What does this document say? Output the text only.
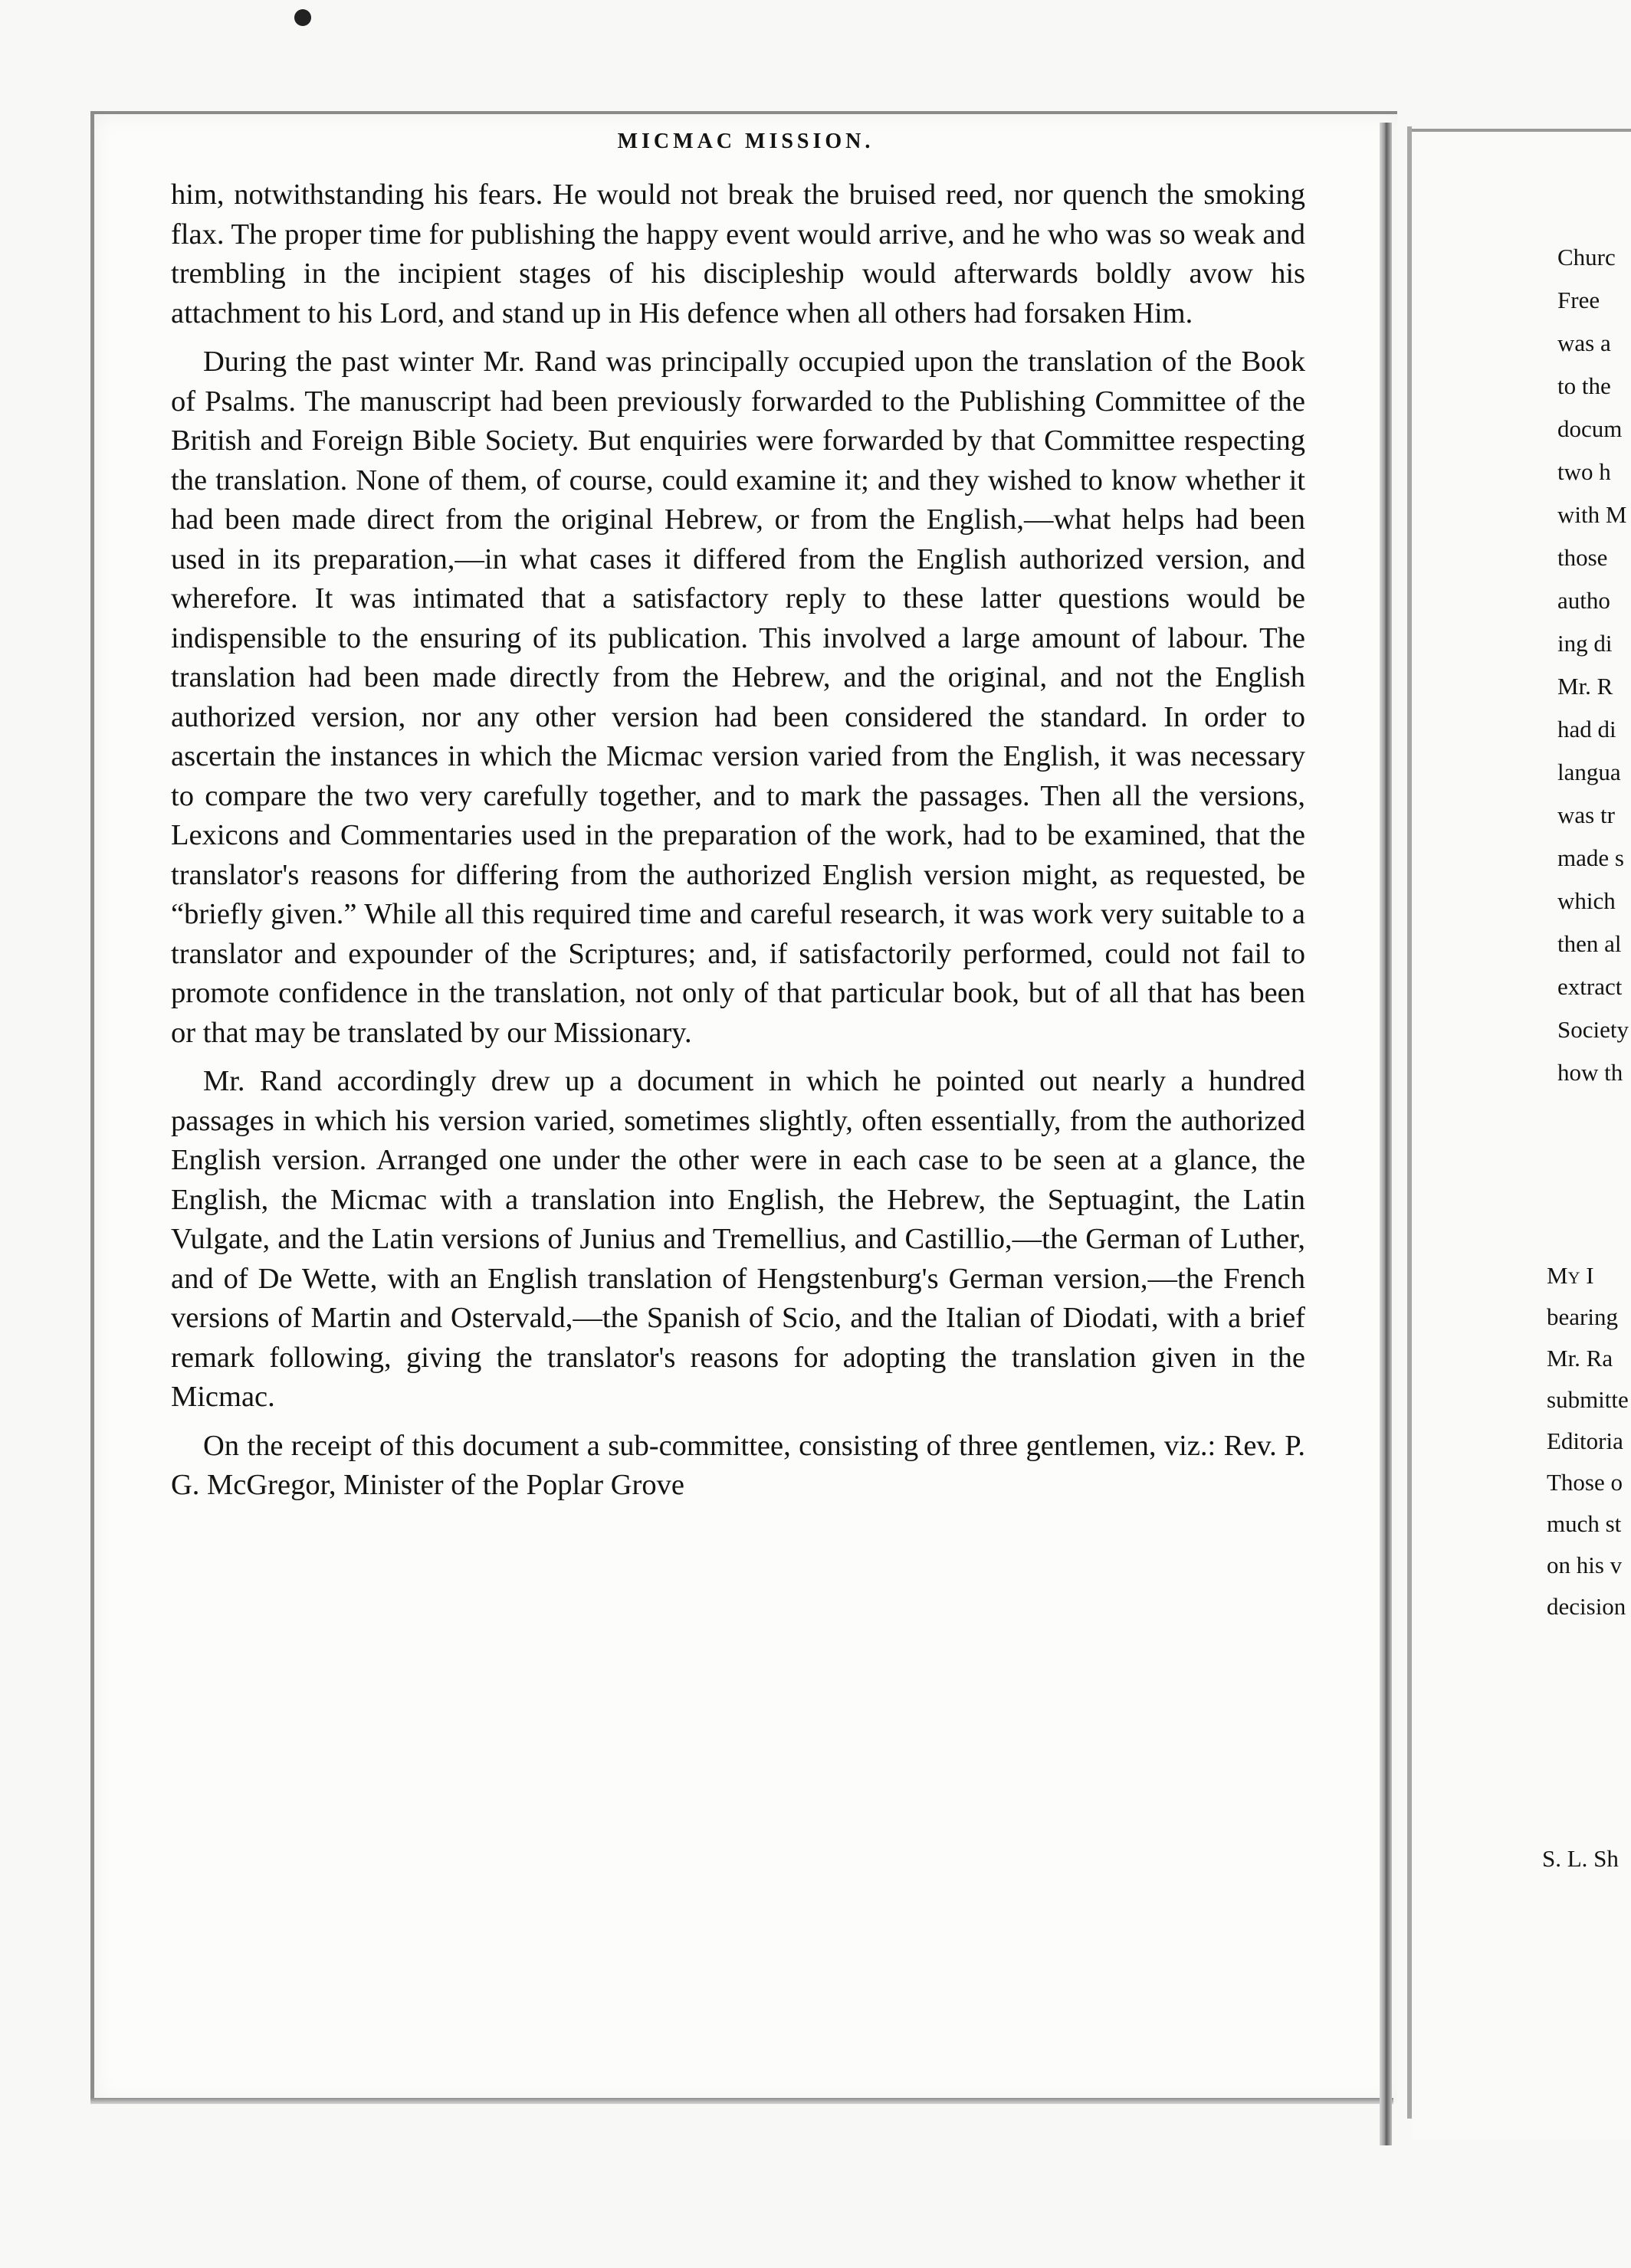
MICMAC MISSION.

him, notwithstanding his fears. He would not break the bruised reed, nor quench the smoking flax. The proper time for publishing the happy event would arrive, and he who was so weak and trembling in the incipient stages of his discipleship would afterwards boldly avow his attachment to his Lord, and stand up in His defence when all others had forsaken Him.

During the past winter Mr. Rand was principally occupied upon the translation of the Book of Psalms. The manuscript had been previously forwarded to the Publishing Committee of the British and Foreign Bible Society. But enquiries were forwarded by that Committee respecting the translation. None of them, of course, could examine it; and they wished to know whether it had been made direct from the original Hebrew, or from the English,—what helps had been used in its preparation,—in what cases it differed from the English authorized version, and wherefore. It was intimated that a satisfactory reply to these latter questions would be indispensible to the ensuring of its publication. This involved a large amount of labour. The translation had been made directly from the Hebrew, and the original, and not the English authorized version, nor any other version had been considered the standard. In order to ascertain the instances in which the Micmac version varied from the English, it was necessary to compare the two very carefully together, and to mark the passages. Then all the versions, Lexicons and Commentaries used in the preparation of the work, had to be examined, that the translator's reasons for differing from the authorized English version might, as requested, be “briefly given.” While all this required time and careful research, it was work very suitable to a translator and expounder of the Scriptures; and, if satisfactorily performed, could not fail to promote confidence in the translation, not only of that particular book, but of all that has been or that may be translated by our Missionary.

Mr. Rand accordingly drew up a document in which he pointed out nearly a hundred passages in which his version varied, sometimes slightly, often essentially, from the authorized English version. Arranged one under the other were in each case to be seen at a glance, the English, the Micmac with a translation into English, the Hebrew, the Septuagint, the Latin Vulgate, and the Latin versions of Junius and Tremellius, and Castillio,—the German of Luther, and of De Wette, with an English translation of Hengstenburg's German version,—the French versions of Martin and Ostervald,—the Spanish of Scio, and the Italian of Diodati, with a brief remark following, giving the translator's reasons for adopting the translation given in the Micmac.

On the receipt of this document a sub-committee, consisting of three gentlemen, viz.: Rev. P. G. McGregor, Minister of the Poplar Grove

Churc
Free
was a
to the
docum
two h
with M
those
autho
ing di
Mr. R
had di
langua
was tr
made s
which
then al
extract
Society
how th
My I
bearing
Mr. Ra
submitte
Editoria
Those o
much st
on his v
decision
S. L. Sh
